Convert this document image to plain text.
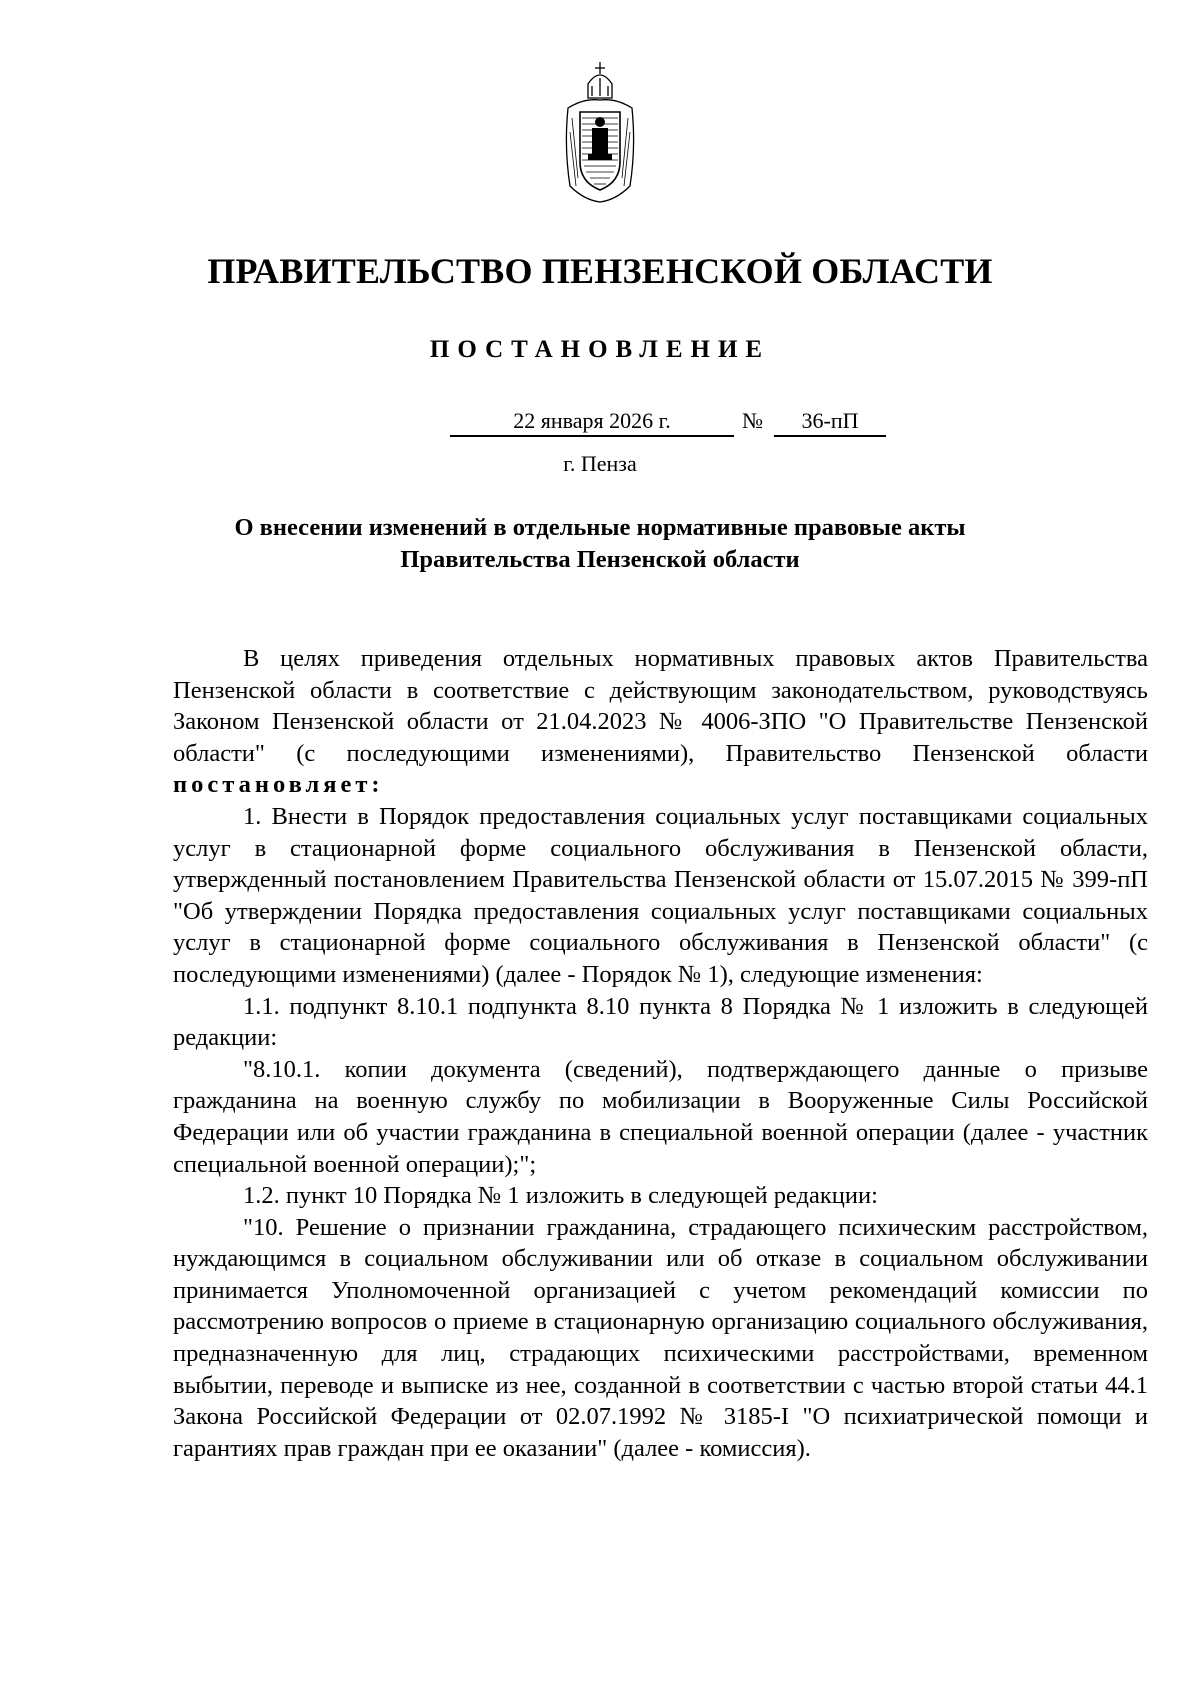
ПРАВИТЕЛЬСТВО ПЕНЗЕНСКОЙ ОБЛАСТИ
ПОСТАНОВЛЕНИЕ
22 января 2026 г.	№	36-пП
г. Пенза
О внесении изменений в отдельные нормативные правовые акты
Правительства Пензенской области

В целях приведения отдельных нормативных правовых актов Правительства Пензенской области в соответствие с действующим законодательством, руководствуясь Законом Пензенской области от 21.04.2023 № 4006-ЗПО "О Правительстве Пензенской области" (с последующими изменениями), Правительство Пензенской области постановляет:

1. Внести в Порядок предоставления социальных услуг поставщиками социальных услуг в стационарной форме социального обслуживания в Пензенской области, утвержденный постановлением Правительства Пензенской области от 15.07.2015 № 399-пП "Об утверждении Порядка предоставления социальных услуг поставщиками социальных услуг в стационарной форме социального обслуживания в Пензенской области" (с последующими изменениями) (далее - Порядок № 1), следующие изменения:

1.1. подпункт 8.10.1 подпункта 8.10 пункта 8 Порядка № 1 изложить в следующей редакции:

"8.10.1. копии документа (сведений), подтверждающего данные о призыве гражданина на военную службу по мобилизации в Вооруженные Силы Российской Федерации или об участии гражданина в специальной военной операции (далее - участник специальной военной операции);";

1.2. пункт 10 Порядка № 1 изложить в следующей редакции:

"10. Решение о признании гражданина, страдающего психическим расстройством, нуждающимся в социальном обслуживании или об отказе в социальном обслуживании принимается Уполномоченной организацией с учетом рекомендаций комиссии по рассмотрению вопросов о приеме в стационарную организацию социального обслуживания, предназначенную для лиц, страдающих психическими расстройствами, временном выбытии, переводе и выписке из нее, созданной в соответствии с частью второй статьи 44.1 Закона Российской Федерации от 02.07.1992 № 3185-I "О психиатрической помощи и гарантиях прав граждан при ее оказании" (далее - комиссия).
